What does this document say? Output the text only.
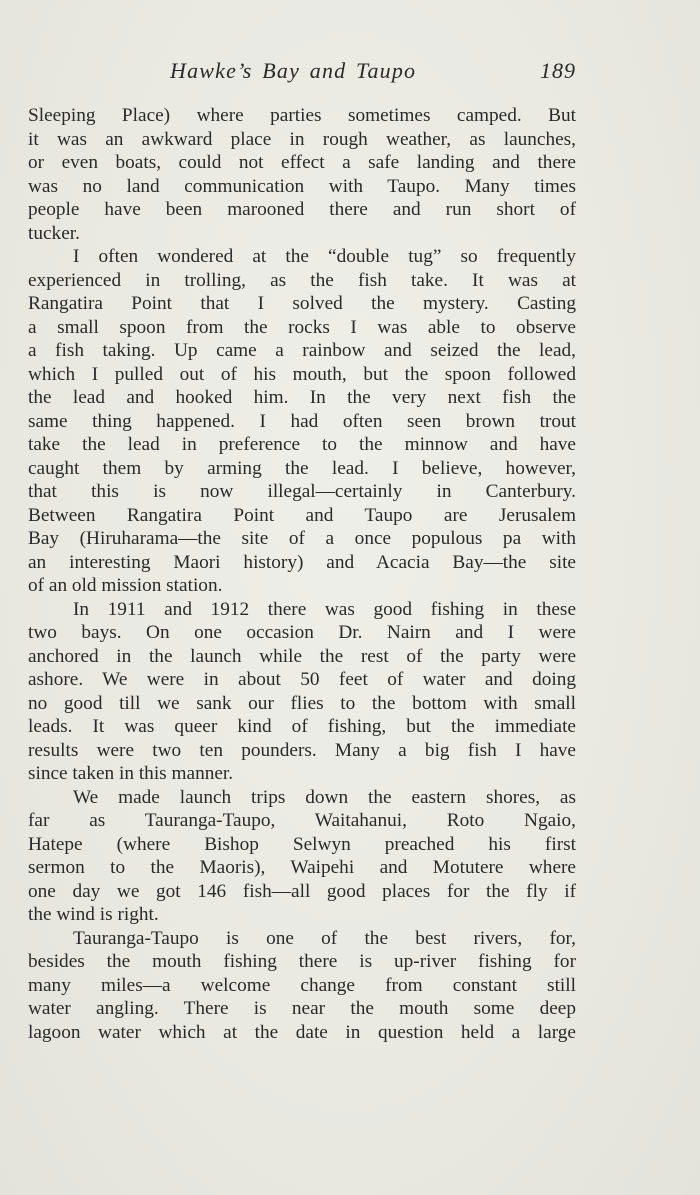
Hawke’s Bay and Taupo	189
Sleeping Place) where parties sometimes camped. But
it was an awkward place in rough weather, as launches,
or even boats, could not effect a safe landing and there
was no land communication with Taupo. Many times
people have been marooned there and run short of
tucker.
I often wondered at the “double tug” so frequently
experienced in trolling, as the fish take. It was at
Rangatira Point that I solved the mystery. Casting
a small spoon from the rocks I was able to observe
a fish taking. Up came a rainbow and seized the lead,
which I pulled out of his mouth, but the spoon followed
the lead and hooked him. In the very next fish the
same thing happened. I had often seen brown trout
take the lead in preference to the minnow and have
caught them by arming the lead. I believe, however,
that this is now illegal—certainly in Canterbury.
Between Rangatira Point and Taupo are Jerusalem
Bay (Hiruharama—the site of a once populous pa with
an interesting Maori history) and Acacia Bay—the site
of an old mission station.
In 1911 and 1912 there was good fishing in these
two bays. On one occasion Dr. Nairn and I were
anchored in the launch while the rest of the party were
ashore. We were in about 50 feet of water and doing
no good till we sank our flies to the bottom with small
leads. It was queer kind of fishing, but the immediate
results were two ten pounders. Many a big fish I have
since taken in this manner.
We made launch trips down the eastern shores, as
far as Tauranga-Taupo, Waitahanui, Roto Ngaio,
Hatepe (where Bishop Selwyn preached his first
sermon to the Maoris), Waipehi and Motutere where
one day we got 146 fish—all good places for the fly if
the wind is right.
Tauranga-Taupo is one of the best rivers, for,
besides the mouth fishing there is up-river fishing for
many miles—a welcome change from constant still
water angling. There is near the mouth some deep
lagoon water which at the date in question held a large
